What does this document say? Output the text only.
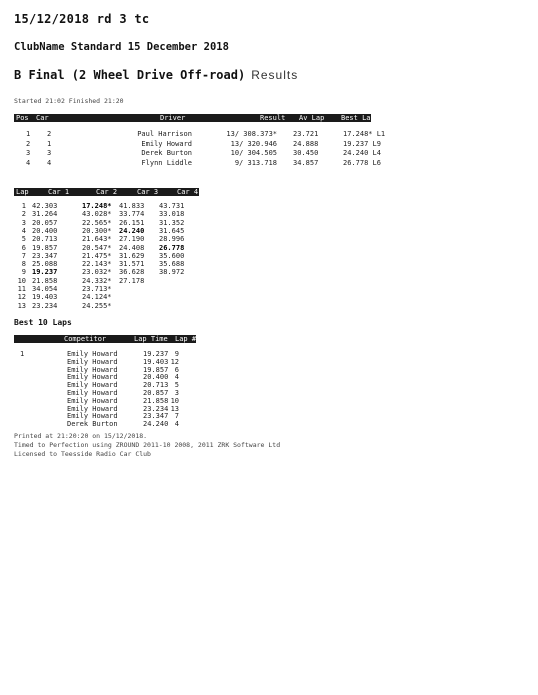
15/12/2018 rd 3 tc
ClubName Standard 15 December 2018
B Final (2 Wheel Drive Off-road) Results
Started 21:02 Finished 21:20
Pos Car	Driver	Result Av Lap Best Lap
1 2	Paul Harrison	13/ 308.373* 23.721	17.248* L1
2 1	Emily Howard	13/ 320.946 24.888	19.237 L9
3 3	Derek Burton	10/ 304.505 30.450	24.240 L4
4 4	Flynn Liddle	9/ 313.718 34.857	26.778 L6
Lap	Car 1	Car 2	Car 3	Car 4
1 42.303	17.248* 41.833 43.731
2 31.264	43.028* 33.774 33.018
3 20.057	22.565* 26.151 31.352
4 20.400	20.300* 24.240 31.645
5 20.713	21.643* 27.190 28.996
6 19.857	20.547* 24.408 26.778
7 23.347	21.475* 31.629 35.600
8 25.088	22.143* 31.571 35.688
9 19.237	23.032* 36.628 38.972
10 21.858	24.332* 27.178
11 34.054	23.713*
12 19.403	24.124*
13 23.234	24.255*
Best 10 Laps
Competitor	Lap Time Lap #
1	Emily Howard	19.237 9
Emily Howard	19.403 12
Emily Howard	19.857 6
Emily Howard	20.400 4
Emily Howard	20.713 5
Emily Howard	20.857 3
Emily Howard	21.858 10
Emily Howard	23.234 13
Emily Howard	23.347 7
Derek Burton	24.240 4
Printed at 21:20:20 on 15/12/2018.
Timed to Perfection using ZROUND 2011-10 2008, 2011 ZRK Software Ltd
Licensed to Teesside Radio Car Club
